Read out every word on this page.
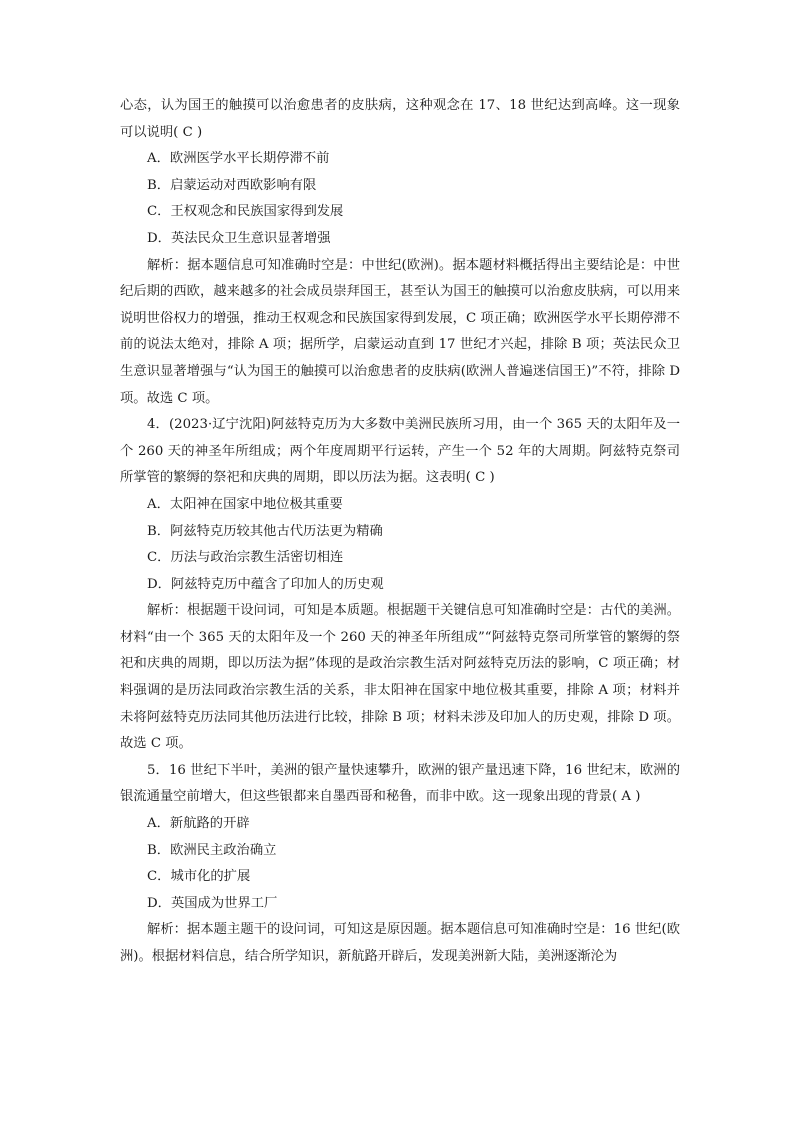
心态，认为国王的触摸可以治愈患者的皮肤病，这种观念在 17、18 世纪达到高峰。这一现象可以说明( C )

A．欧洲医学水平长期停滞不前

B．启蒙运动对西欧影响有限

C．王权观念和民族国家得到发展

D．英法民众卫生意识显著增强

解析：据本题信息可知准确时空是：中世纪(欧洲)。据本题材料概括得出主要结论是：中世纪后期的西欧，越来越多的社会成员崇拜国王，甚至认为国王的触摸可以治愈皮肤病，可以用来说明世俗权力的增强，推动王权观念和民族国家得到发展，C 项正确；欧洲医学水平长期停滞不前的说法太绝对，排除 A 项；据所学，启蒙运动直到 17 世纪才兴起，排除 B 项；英法民众卫生意识显著增强与“认为国王的触摸可以治愈患者的皮肤病(欧洲人普遍迷信国王)”不符，排除 D 项。故选 C 项。

4．(2023·辽宁沈阳)阿兹特克历为大多数中美洲民族所习用，由一个 365 天的太阳年及一个 260 天的神圣年所组成；两个年度周期平行运转，产生一个 52 年的大周期。阿兹特克祭司所掌管的繁缛的祭祀和庆典的周期，即以历法为据。这表明( C )

A．太阳神在国家中地位极其重要

B．阿兹特克历较其他古代历法更为精确

C．历法与政治宗教生活密切相连

D．阿兹特克历中蕴含了印加人的历史观

解析：根据题干设问词，可知是本质题。根据题干关键信息可知准确时空是：古代的美洲。材料“由一个 365 天的太阳年及一个 260 天的神圣年所组成”“阿兹特克祭司所掌管的繁缛的祭祀和庆典的周期，即以历法为据”体现的是政治宗教生活对阿兹特克历法的影响，C 项正确；材料强调的是历法同政治宗教生活的关系，非太阳神在国家中地位极其重要，排除 A 项；材料并未将阿兹特克历法同其他历法进行比较，排除 B 项；材料未涉及印加人的历史观，排除 D 项。故选 C 项。

5．16 世纪下半叶，美洲的银产量快速攀升，欧洲的银产量迅速下降，16 世纪末，欧洲的银流通量空前增大，但这些银都来自墨西哥和秘鲁，而非中欧。这一现象出现的背景( A )

A．新航路的开辟

B．欧洲民主政治确立

C．城市化的扩展

D．英国成为世界工厂

解析：据本题主题干的设问词，可知这是原因题。据本题信息可知准确时空是：16 世纪(欧洲)。根据材料信息，结合所学知识，新航路开辟后，发现美洲新大陆，美洲逐渐沦为
